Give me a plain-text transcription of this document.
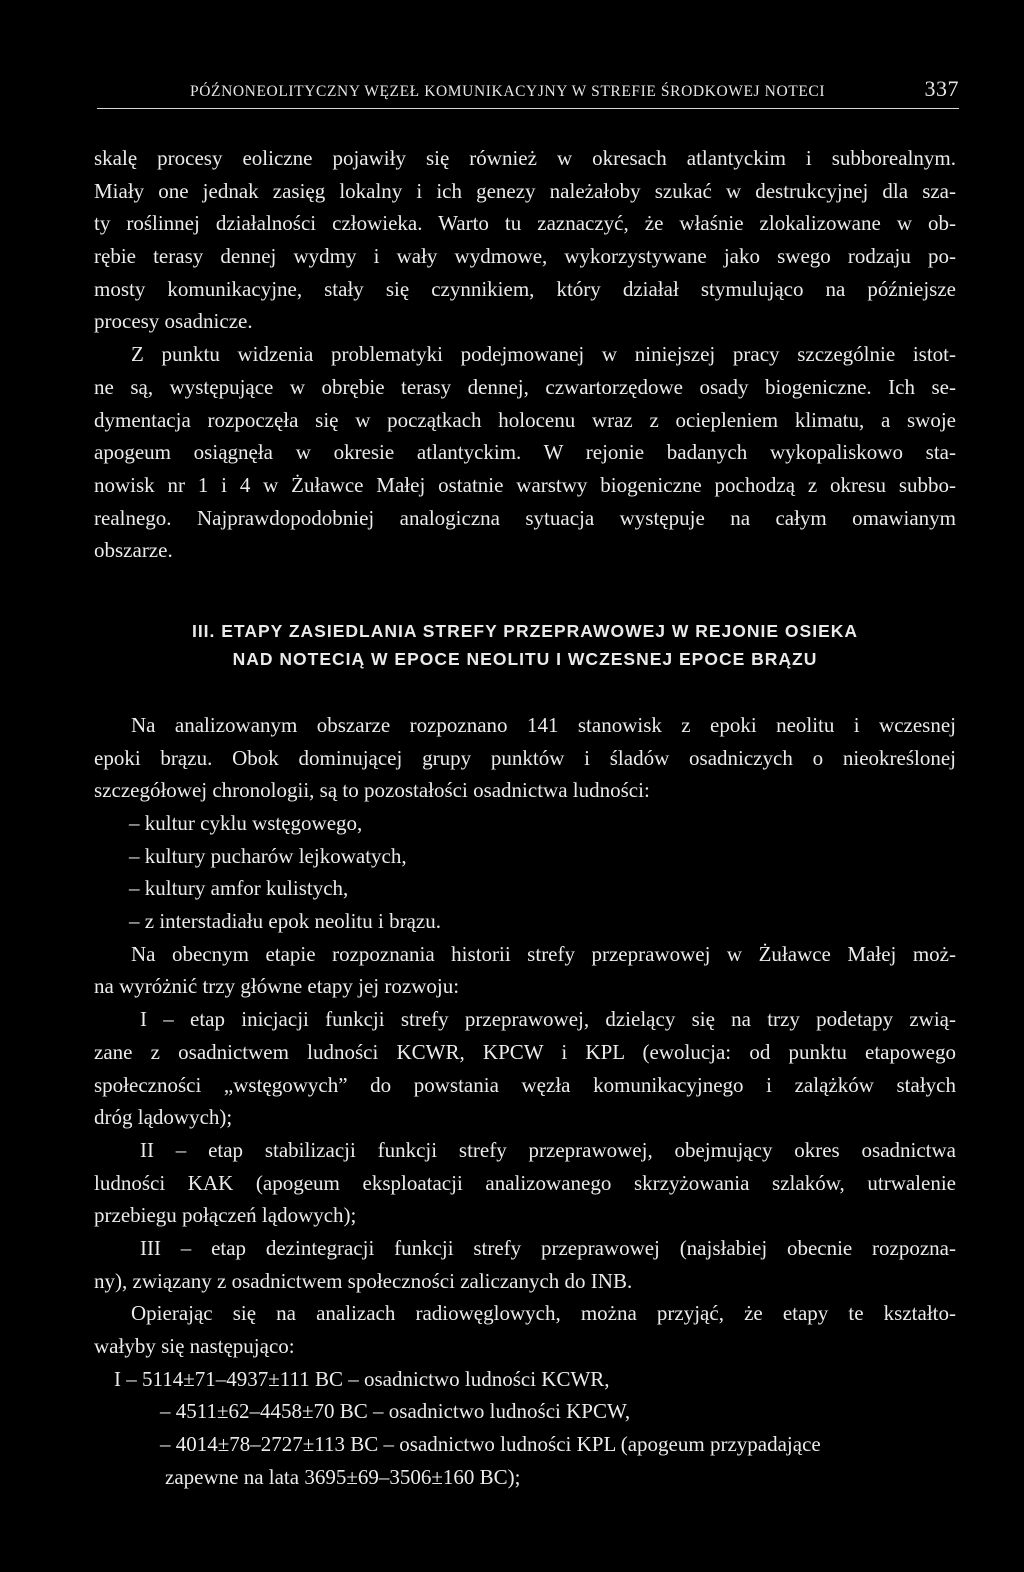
PÓŹNONEOLITYCZNY WĘZEŁ KOMUNIKACYJNY W STREFIE ŚRODKOWEJ NOTECI	337
skalę procesy eoliczne pojawiły się również w okresach atlantyckim i subborealnym.
Miały one jednak zasięg lokalny i ich genezy należałoby szukać w destrukcyjnej dla sza-
ty roślinnej działalności człowieka. Warto tu zaznaczyć, że właśnie zlokalizowane w ob-
rębie terasy dennej wydmy i wały wydmowe, wykorzystywane jako swego rodzaju po-
mosty komunikacyjne, stały się czynnikiem, który działał stymulująco na późniejsze
procesy osadnicze.
Z punktu widzenia problematyki podejmowanej w niniejszej pracy szczególnie istot-
ne są, występujące w obrębie terasy dennej, czwartorzędowe osady biogeniczne. Ich se-
dymentacja rozpoczęła się w początkach holocenu wraz z ociepleniem klimatu, a swoje
apogeum osiągnęła w okresie atlantyckim. W rejonie badanych wykopaliskowo sta-
nowisk nr 1 i 4 w Żuławce Małej ostatnie warstwy biogeniczne pochodzą z okresu subbo-
realnego. Najprawdopodobniej analogiczna sytuacja występuje na całym omawianym
obszarze.
III. ETAPY ZASIEDLANIA STREFY PRZEPRAWOWEJ W REJONIE OSIEKA
NAD NOTECIĄ W EPOCE NEOLITU I WCZESNEJ EPOCE BRĄZU
Na analizowanym obszarze rozpoznano 141 stanowisk z epoki neolitu i wczesnej
epoki brązu. Obok dominującej grupy punktów i śladów osadniczych o nieokreślonej
szczegółowej chronologii, są to pozostałości osadnictwa ludności:
– kultur cyklu wstęgowego,
– kultury pucharów lejkowatych,
– kultury amfor kulistych,
– z interstadiału epok neolitu i brązu.
Na obecnym etapie rozpoznania historii strefy przeprawowej w Żuławce Małej moż-
na wyróżnić trzy główne etapy jej rozwoju:
I – etap inicjacji funkcji strefy przeprawowej, dzielący się na trzy podetapy zwią-
zane z osadnictwem ludności KCWR, KPCW i KPL (ewolucja: od punktu etapowego
społeczności „wstęgowych” do powstania węzła komunikacyjnego i zalążków stałych
dróg lądowych);
II – etap stabilizacji funkcji strefy przeprawowej, obejmujący okres osadnictwa
ludności KAK (apogeum eksploatacji analizowanego skrzyżowania szlaków, utrwalenie
przebiegu połączeń lądowych);
III – etap dezintegracji funkcji strefy przeprawowej (najsłabiej obecnie rozpozna-
ny), związany z osadnictwem społeczności zaliczanych do INB.
Opierając się na analizach radiowęglowych, można przyjąć, że etapy te kształto-
wałyby się następująco:
I – 5114±71–4937±111 BC – osadnictwo ludności KCWR,
– 4511±62–4458±70 BC – osadnictwo ludności KPCW,
– 4014±78–2727±113 BC – osadnictwo ludności KPL (apogeum przypadające
zapewne na lata 3695±69–3506±160 BC);
